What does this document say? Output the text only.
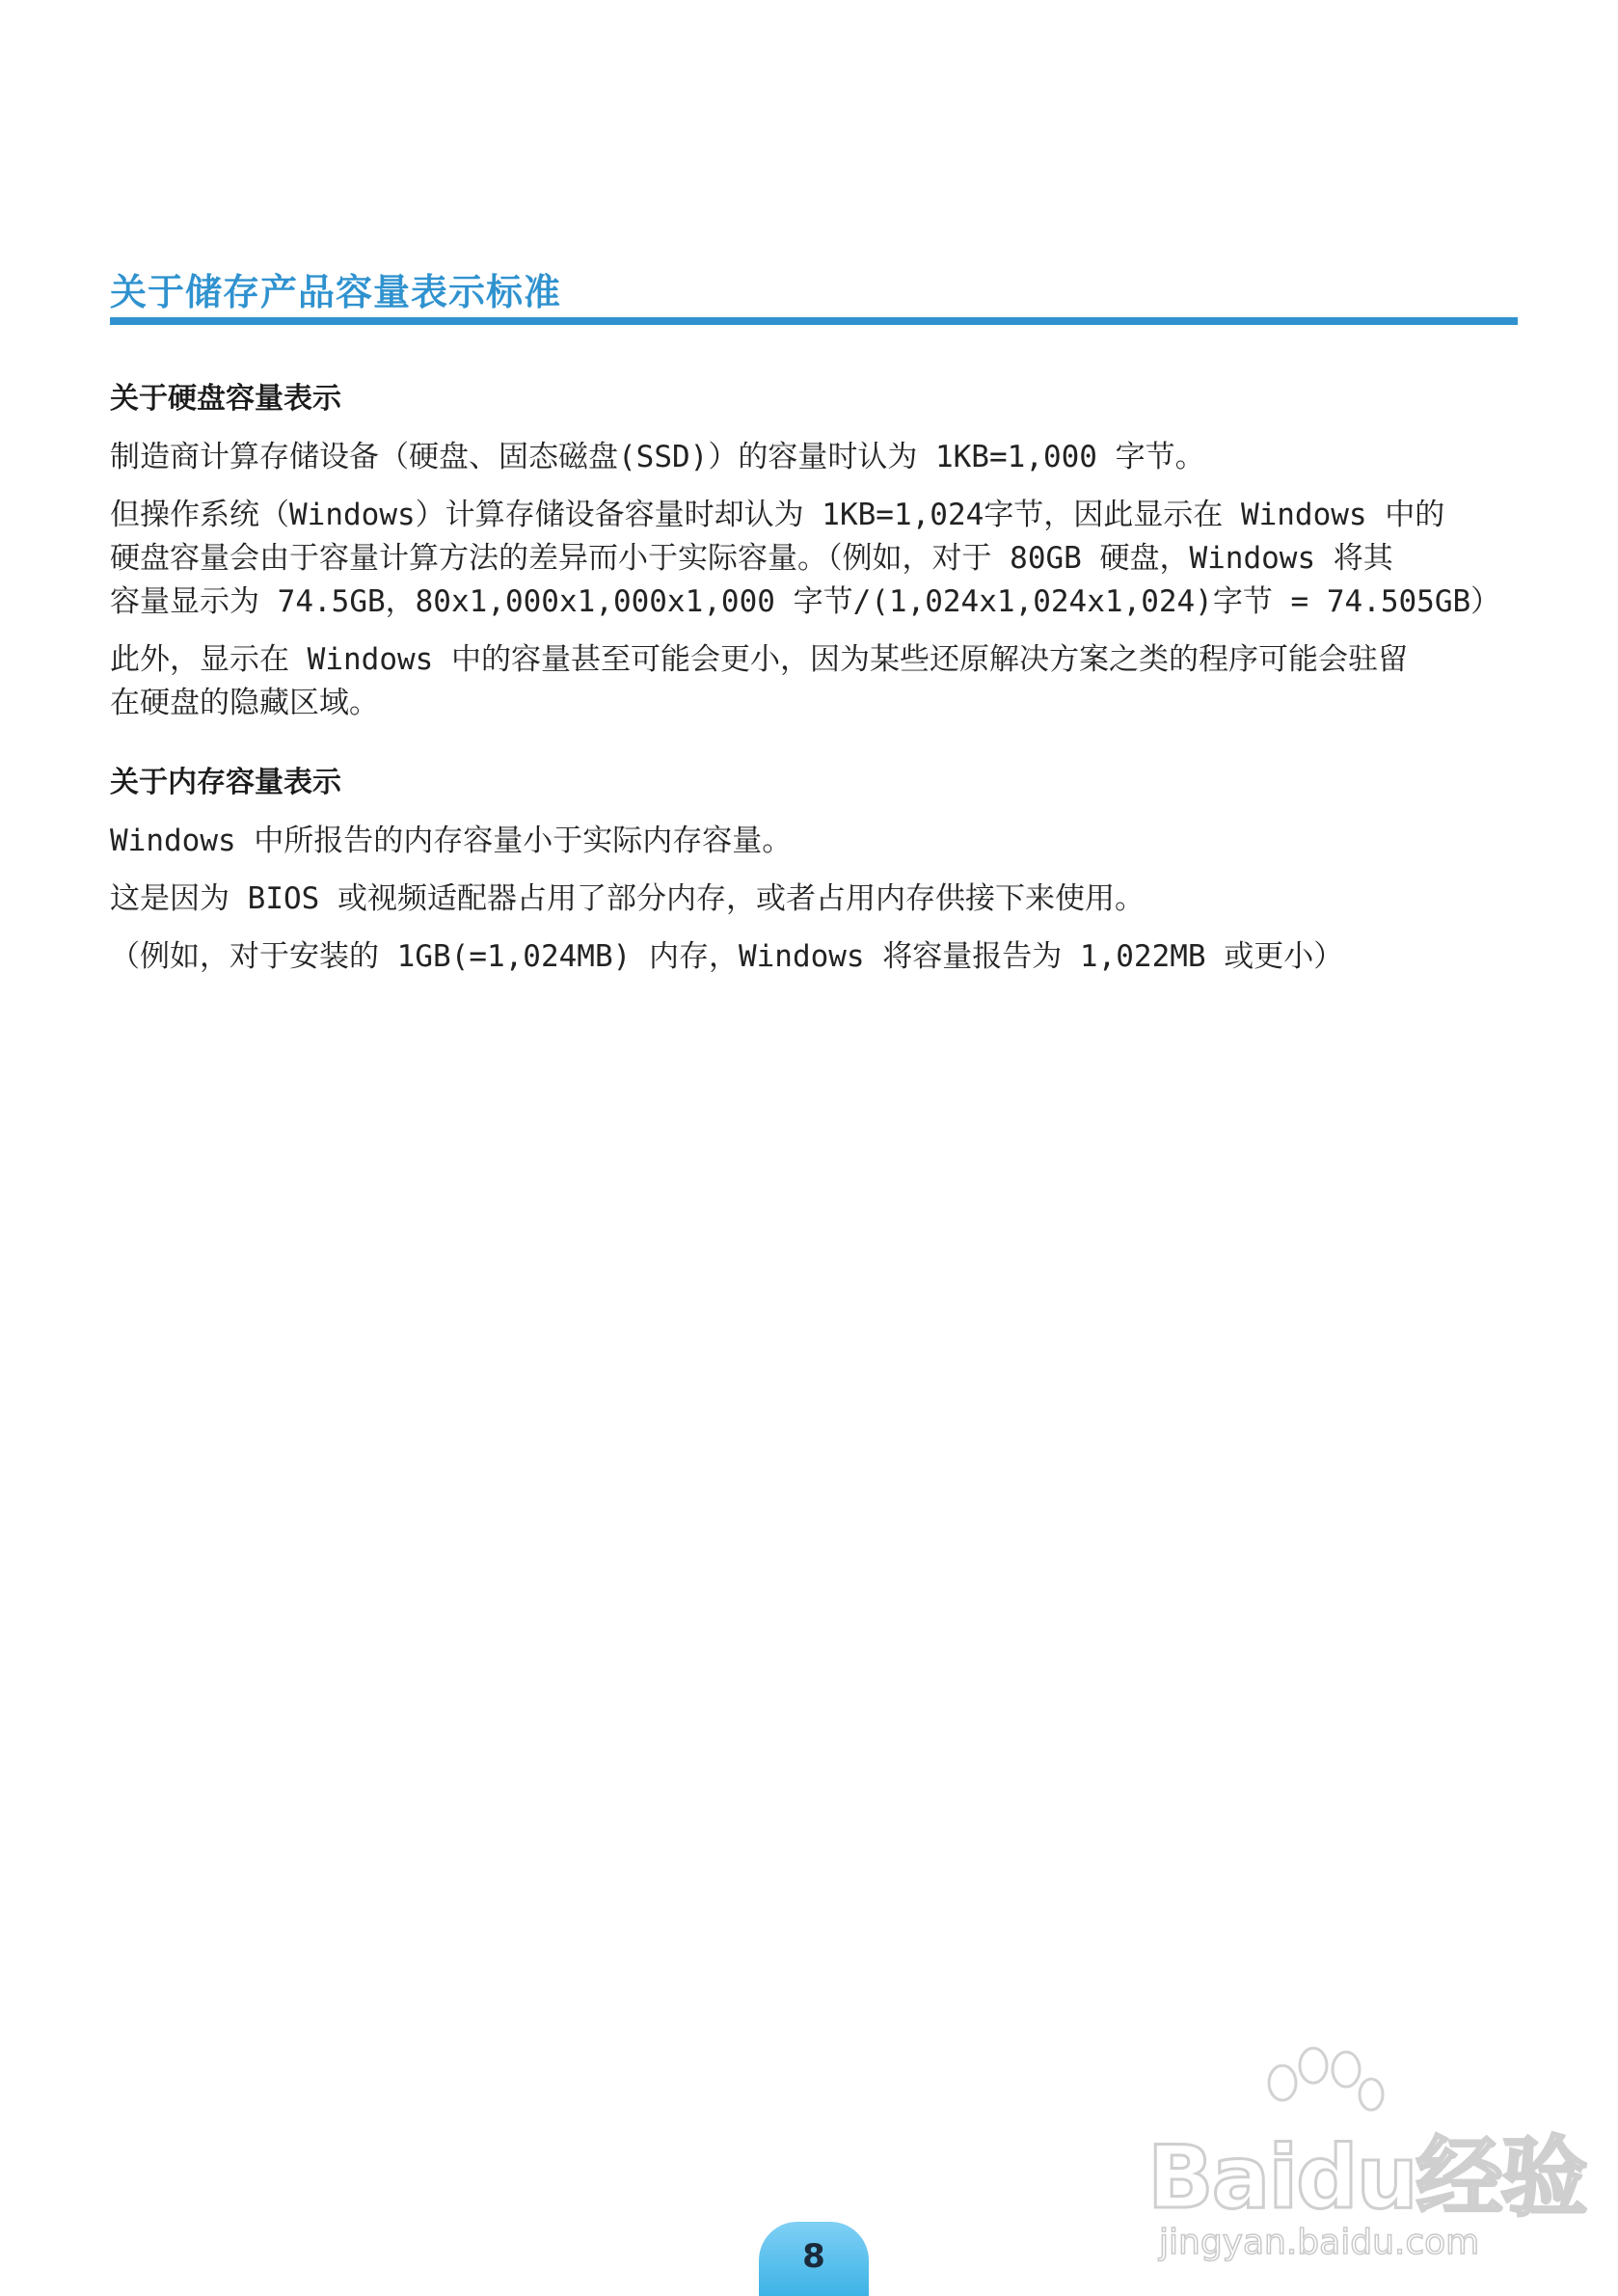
关于储存产品容量表示标准
关于硬盘容量表示
制造商计算存储设备（硬盘、固态磁盘(SSD)）的容量时认为 1KB=1,000 字节。
但操作系统（Windows）计算存储设备容量时却认为 1KB=1,024字节，因此显示在 Windows 中的
硬盘容量会由于容量计算方法的差异而小于实际容量。（例如，对于 80GB 硬盘，Windows 将其
容量显示为 74.5GB，80x1,000x1,000x1,000 字节/(1,024x1,024x1,024)字节 = 74.505GB）
此外，显示在 Windows 中的容量甚至可能会更小，因为某些还原解决方案之类的程序可能会驻留
在硬盘的隐藏区域。
关于内存容量表示
Windows 中所报告的内存容量小于实际内存容量。
这是因为 BIOS 或视频适配器占用了部分内存，或者占用内存供接下来使用。
（例如，对于安装的 1GB(=1,024MB) 内存，Windows 将容量报告为 1,022MB 或更小）
Baidu经验
jingyan.baidu.com
8
